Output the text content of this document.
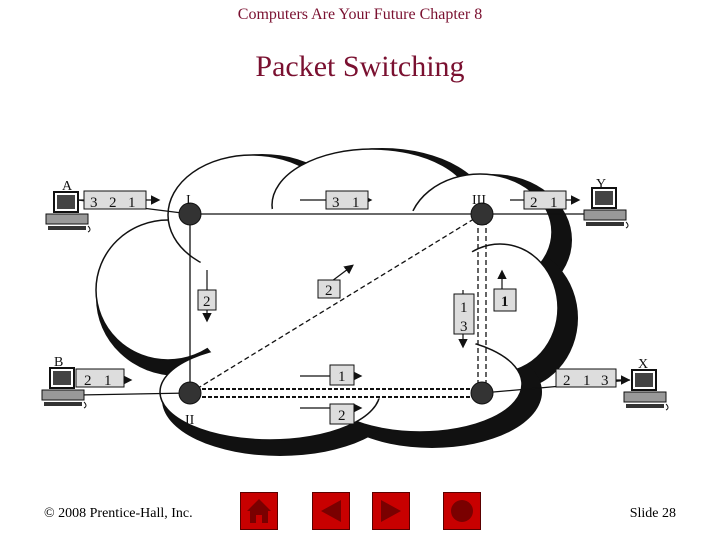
Computers Are Your Future Chapter 8
Packet Switching
I	III
II
3 2 1	3 1	2 1
2
2
1
3
1
1
2
2 1	2 1 3
A
B
Y
X
© 2008 Prentice-Hall, Inc.	Slide 28
